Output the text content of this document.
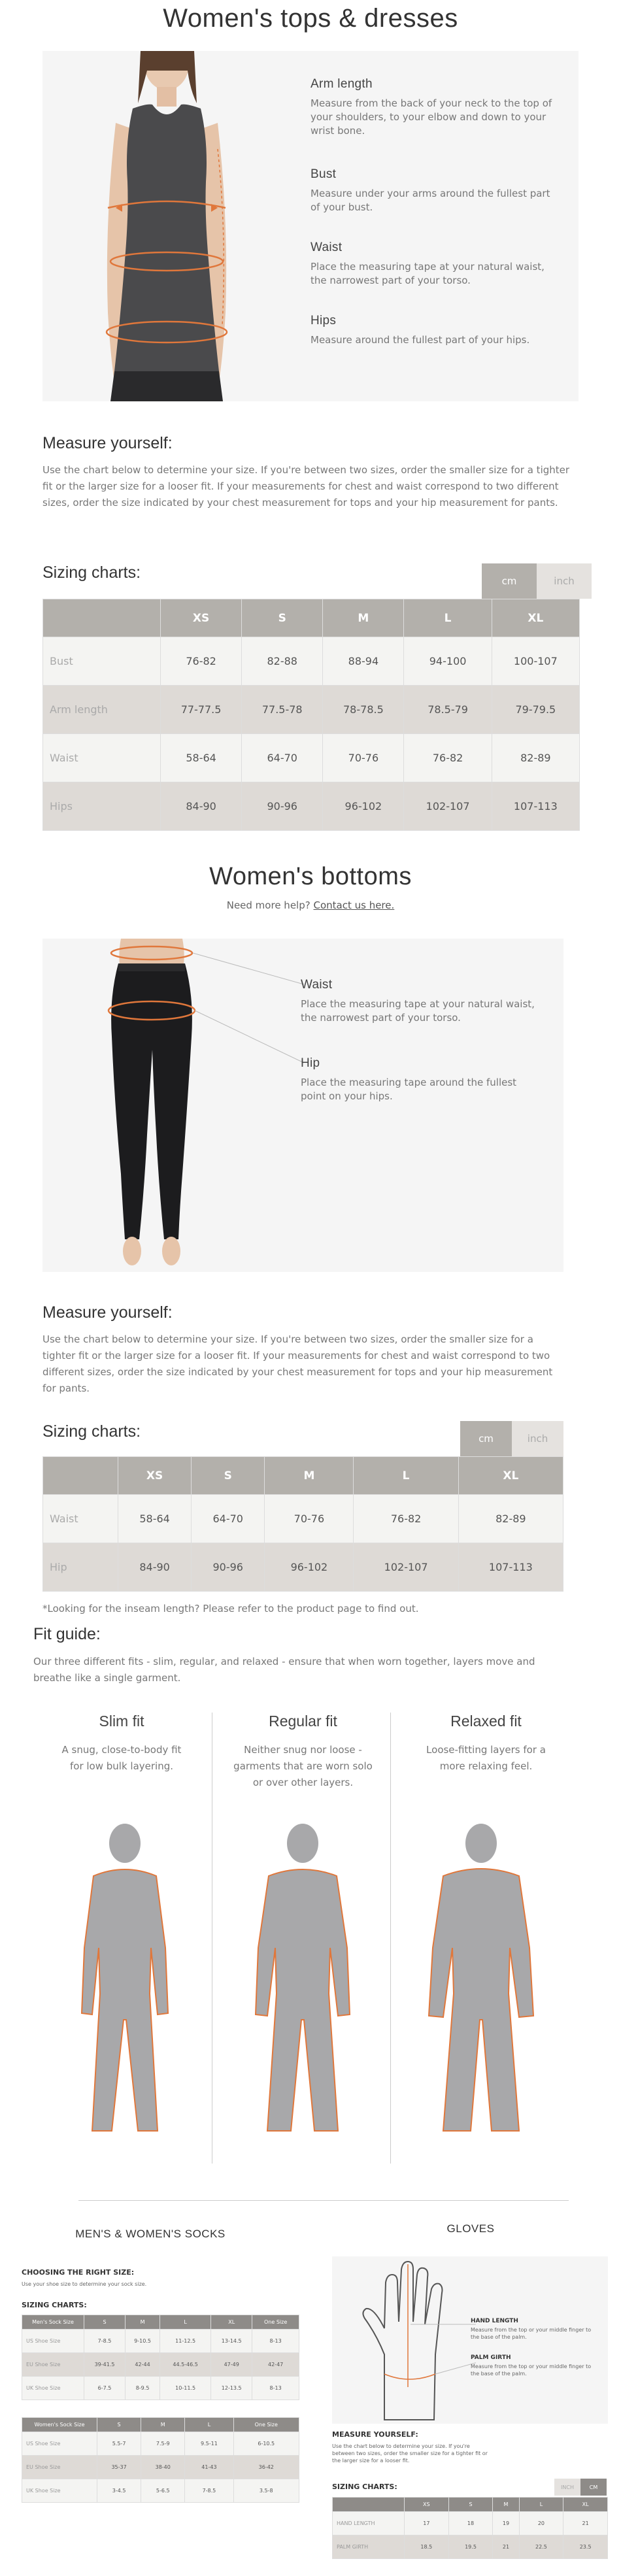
Women's tops & dresses
Arm length
Measure from the back of your neck to the top of your shoulders, to your elbow and down to your wrist bone.
Bust
Measure under your arms around the fullest part of your bust.
Waist
Place the measuring tape at your natural waist, the narrowest part of your torso.
Hips
Measure around the fullest part of your hips.
Measure yourself:
Use the chart below to determine your size. If you're between two sizes, order the smaller size for a tighter fit or the larger size for a looser fit. If your measurements for chest and waist correspond to two different sizes, order the size indicated by your chest measurement for tops and your hip measurement for pants.
Sizing charts:	cm	inch
	XS	S	M	L	XL
Bust	76-82	82-88	88-94	94-100	100-107
Arm length	77-77.5	77.5-78	78-78.5	78.5-79	79-79.5
Waist	58-64	64-70	70-76	76-82	82-89
Hips	84-90	90-96	96-102	102-107	107-113
Women's bottoms
Need more help? Contact us here.
Waist
Place the measuring tape at your natural waist, the narrowest part of your torso.
Hip
Place the measuring tape around the fullest point on your hips.
Measure yourself:
Use the chart below to determine your size. If you're between two sizes, order the smaller size for a tighter fit or the larger size for a looser fit. If your measurements for chest and waist correspond to two different sizes, order the size indicated by your chest measurement for tops and your hip measurement for pants.
Sizing charts:	cm	inch
	XS	S	M	L	XL
Waist	58-64	64-70	70-76	76-82	82-89
Hip	84-90	90-96	96-102	102-107	107-113
*Looking for the inseam length? Please refer to the product page to find out.
Fit guide:
Our three different fits - slim, regular, and relaxed - ensure that when worn together, layers move and breathe like a single garment.
Slim fit
A snug, close-to-body fit for low bulk layering.
Regular fit
Neither snug nor loose - garments that are worn solo or over other layers.
Relaxed fit
Loose-fitting layers for a more relaxing feel.
MEN'S & WOMEN'S SOCKS
CHOOSING THE RIGHT SIZE:
Use your shoe size to determine your sock size.
SIZING CHARTS:
Men's Sock Size	S	M	L	XL	One Size
US Shoe Size	7-8.5	9-10.5	11-12.5	13-14.5	8-13
EU Shoe Size	39-41.5	42-44	44.5-46.5	47-49	42-47
UK Shoe Size	6-7.5	8-9.5	10-11.5	12-13.5	8-13
Women's Sock Size	S	M	L	One Size
US Shoe Size	5.5-7	7.5-9	9.5-11	6-10.5
EU Shoe Size	35-37	38-40	41-43	36-42
UK Shoe Size	3-4.5	5-6.5	7-8.5	3.5-8
GLOVES
HAND LENGTH
Measure from the top or your middle finger to the base of the palm.
PALM GIRTH
Measure from the top or your middle finger to the base of the palm.
MEASURE YOURSELF:
Use the chart below to determine your size. If you're between two sizes, order the smaller size for a tighter fit or the larger size for a looser fit.
SIZING CHARTS:	INCH	CM
	XS	S	M	L	XL
HAND LENGTH	17	18	19	20	21
PALM GIRTH	18.5	19.5	21	22.5	23.5
